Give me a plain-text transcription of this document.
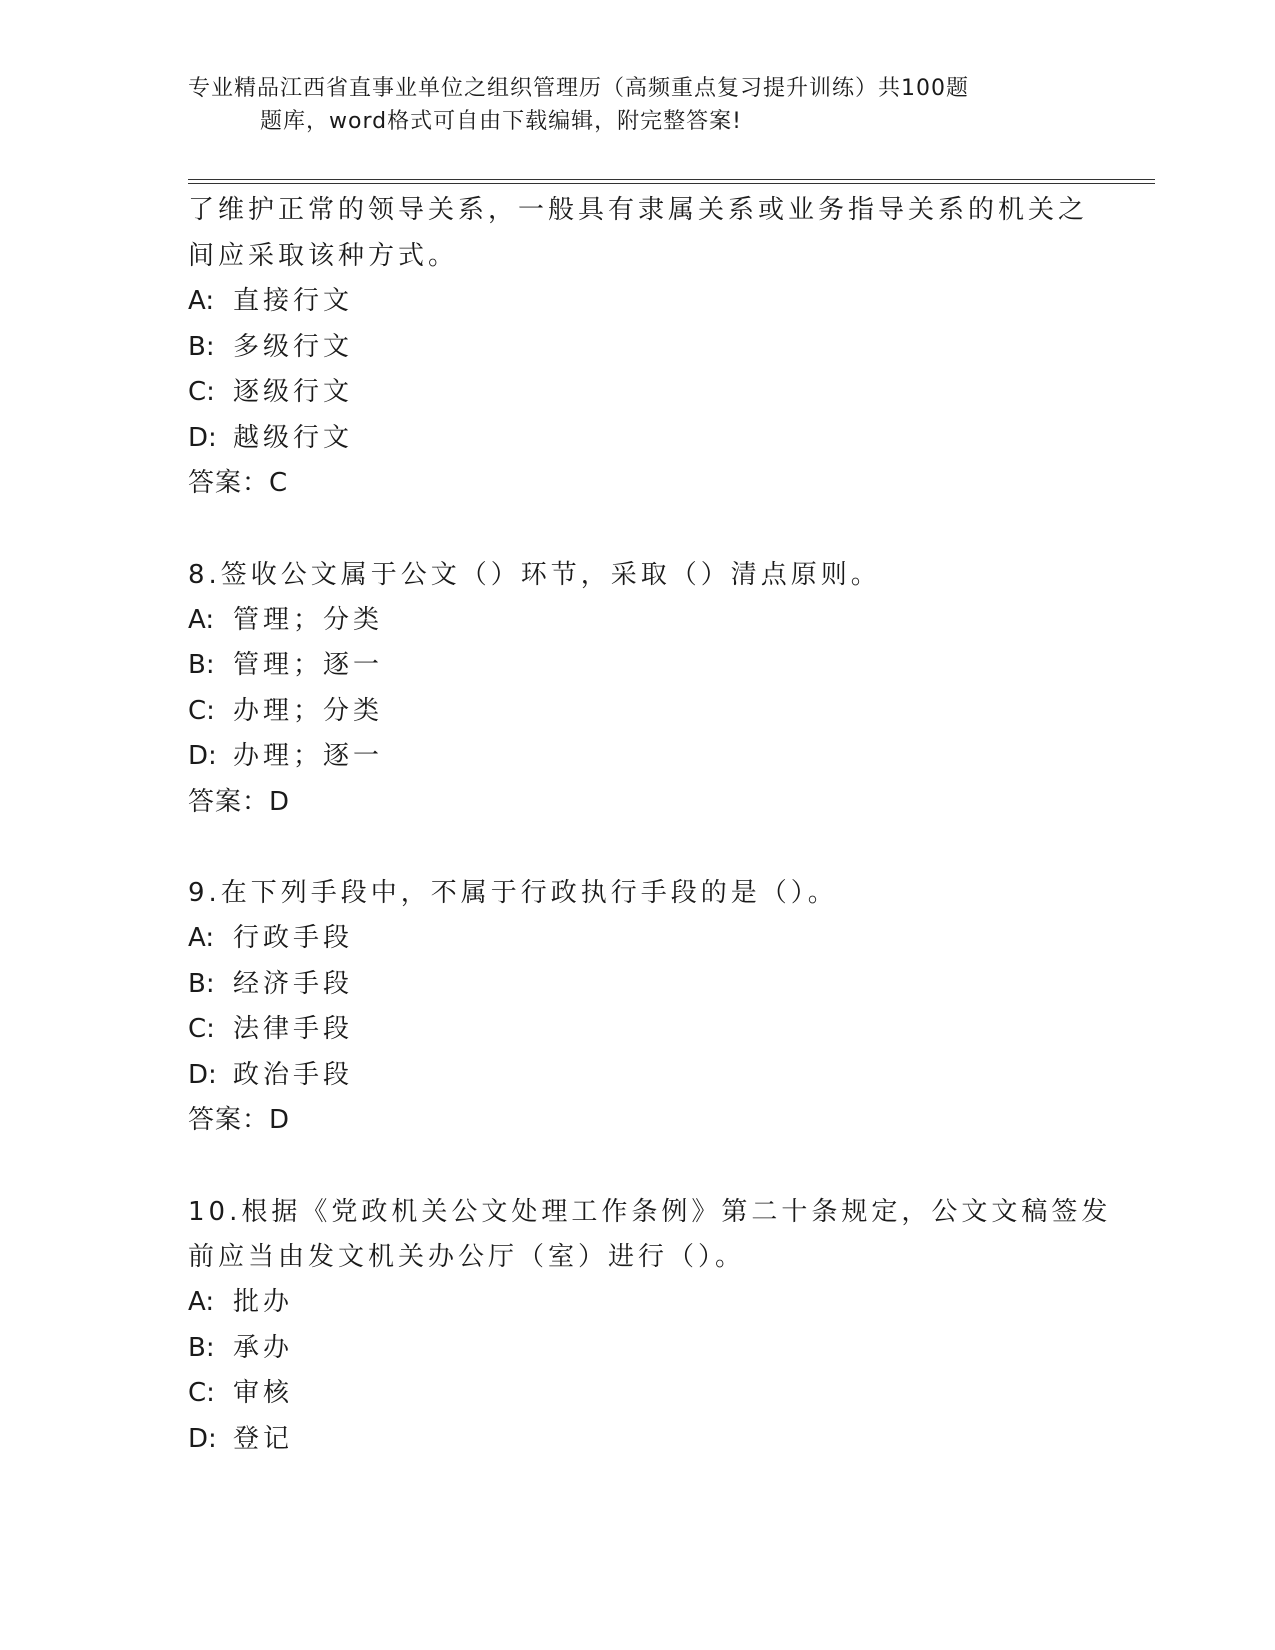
专业精品江西省直事业单位之组织管理历（高频重点复习提升训练）共100题
题库，word格式可自由下载编辑，附完整答案!
了维护正常的领导关系，一般具有隶属关系或业务指导关系的机关之
间应采取该种方式。
A: 直接行文
B: 多级行文
C: 逐级行文
D: 越级行文
答案：C
8.签收公文属于公文（）环节，采取（）清点原则。
A: 管理；分类
B: 管理；逐一
C: 办理；分类
D: 办理；逐一
答案：D
9.在下列手段中，不属于行政执行手段的是（）。
A: 行政手段
B: 经济手段
C: 法律手段
D: 政治手段
答案：D
10.根据《党政机关公文处理工作条例》第二十条规定，公文文稿签发
前应当由发文机关办公厅（室）进行（）。
A: 批办
B: 承办
C: 审核
D: 登记
